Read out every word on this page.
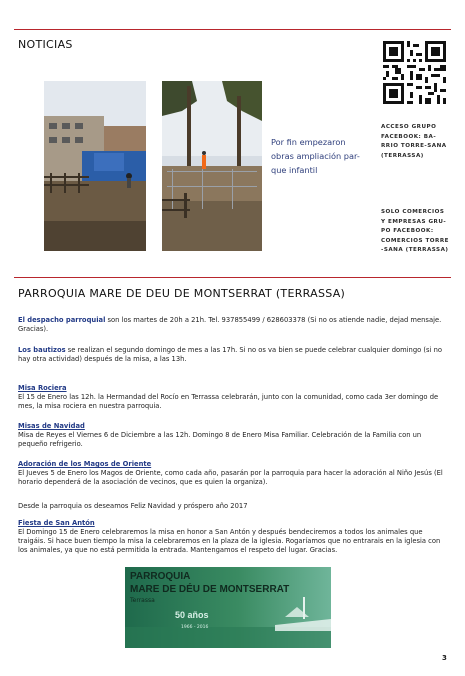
NOTICIAS
Por fin empezaron
obras ampliación par-
que infantil
ACCESO GRUPO
FACEBOOK: BA-
RRIO TORRE-SANA
(TERRASSA)
SOLO COMERCIOS
Y EMPRESAS GRU-
PO FACEBOOK:
COMERCIOS TORRE
-SANA (TERRASSA)
PARROQUIA MARE DE DEU DE MONTSERRAT (TERRASSA)

El despacho parroquial son los martes de 20h a 21h. Tel. 937855499 / 628603378 (Si no os atiende nadie, dejad mensaje. Gracias).

Los bautizos se realizan el segundo domingo de mes a las 17h. Si no os va bien se puede celebrar cualquier domingo (si no hay otra actividad) después de la misa, a las 13h.

Misa Rociera

El 15 de Enero las 12h. la Hermandad del Rocío en Terrassa celebrarán, junto con la comunidad, como cada 3er domingo de mes, la misa rociera en nuestra parroquia.

Misas de Navidad

Misa de Reyes el Viernes 6 de Diciembre a las 12h. Domingo 8 de Enero Misa Familiar. Celebración de la Familia con un pequeño refrigerio.

Adoración de los Magos de Oriente

El Jueves 5 de Enero los Magos de Oriente, como cada año, pasarán por la parroquia para hacer la adoración al Niño Jesús (El horario dependerá de la asociación de vecinos, que es quien la organiza).

Desde la parroquia os deseamos Feliz Navidad y próspero año 2017

Fiesta de San Antón

El Domingo 15 de Enero celebraremos la misa en honor a San Antón y después bendeciremos a todos los animales que traigáis. Si hace buen tiempo la misa la celebraremos en la plaza de la iglesia. Rogaríamos que no entrarais en la iglesia con los animales, ya que no está permitida la entrada. Mantengamos el respeto del lugar. Gracias.

PARROQUIA
MARE DE DÉU DE MONTSERRAT
Terrassa
50 años
1966 - 2016
3
